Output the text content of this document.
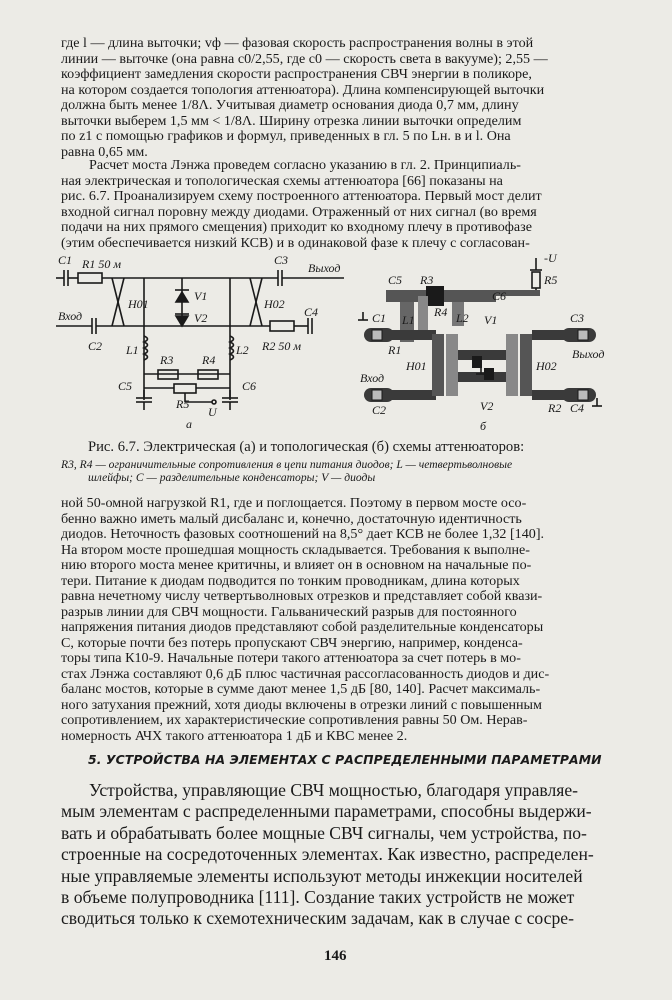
где l — длина выточки; vф — фазовая скорость распространения волны в этой
линии — выточке (она равна c0/2,55, где c0 — скорость света в вакууме); 2,55 —
коэффициент замедления скорости распространения СВЧ энергии в поликоре,
на котором создается топология аттенюатора). Длина компенсирующей выточки
должна быть менее 1/8Λ. Учитывая диаметр основания диода 0,7 мм, длину
выточки выберем 1,5 мм < 1/8Λ. Ширину отрезка линии выточки определим
по z1 с помощью графиков и формул, приведенных в гл. 5 по Lн. в и l. Она
равна 0,65 мм.
Расчет моста Лэнжа проведем согласно указанию в гл. 2. Принципиаль-
ная электрическая и топологическая схемы аттенюатора [66] показаны на
рис. 6.7. Проанализируем схему построенного аттенюатора. Первый мост делит
входной сигнал поровну между диодами. Отраженный от них сигнал (во время
подачи на них прямого смещения) приходит ко входному плечу в противофазе
(этим обеспечивается низкий КСВ) и в одинаковой фазе к плечу с согласован-
C1 R1 50 м	C3
Выход
H01	H02
V1
V2	C4
Вход
C2	R2 50 м
L1	L2
R3 R4
C5	C6
R5
U
а
-U
R5
C5 R3
C6
R4
C1 L1	L2 V1	C3
R1
H01	H02
Выход
Вход
C2	V2	R2 C4
б
Рис. 6.7. Электрическая (а) и топологическая (б) схемы аттенюаторов:
R3, R4 — ограничительные сопротивления в цепи питания диодов; L — четвертьволновые
шлейфы; C — разделительные конденсаторы; V — диоды
ной 50-омной нагрузкой R1, где и поглощается. Поэтому в первом мосте осо-
бенно важно иметь малый дисбаланс и, конечно, достаточную идентичность
диодов. Неточность фазовых соотношений на 8,5° дает КСВ не более 1,32 [140].
На втором мосте прошедшая мощность складывается. Требования к выполне-
нию второго моста менее критичны, и влияет он в основном на начальные по-
тери. Питание к диодам подводится по тонким проводникам, длина которых
равна нечетному числу четвертьволновых отрезков и представляет собой квази-
разрыв линии для СВЧ мощности. Гальванический разрыв для постоянного
напряжения питания диодов представляют собой разделительные конденсаторы
C, которые почти без потерь пропускают СВЧ энергию, например, конденса-
торы типа К10-9. Начальные потери такого аттенюатора за счет потерь в мо-
стах Лэнжа составляют 0,6 дБ плюс частичная рассогласованность диодов и дис-
баланс мостов, которые в сумме дают менее 1,5 дБ [80, 140]. Расчет максималь-
ного затухания прежний, хотя диоды включены в отрезки линий с повышенным
сопротивлением, их характеристические сопротивления равны 50 Ом. Нерав-
номерность АЧХ такого аттенюатора 1 дБ и КВС менее 2.
5. УСТРОЙСТВА НА ЭЛЕМЕНТАХ С РАСПРЕДЕЛЕННЫМИ ПАРАМЕТРАМИ
Устройства, управляющие СВЧ мощностью, благодаря управляе-
мым элементам с распределенными параметрами, способны выдержи-
вать и обрабатывать более мощные СВЧ сигналы, чем устройства, по-
строенные на сосредоточенных элементах. Как известно, распределен-
ные управляемые элементы используют методы инжекции носителей
в объеме полупроводника [111]. Создание таких устройств не может
сводиться только к схемотехническим задачам, как в случае с сосре-
146
